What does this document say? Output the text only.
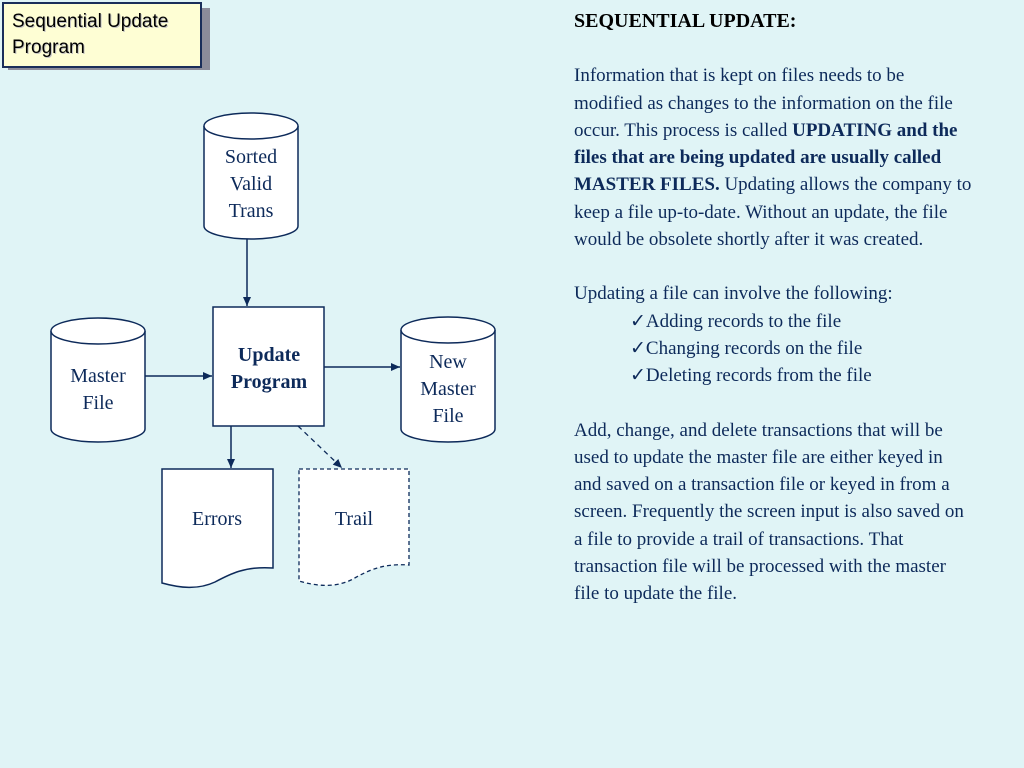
Sequential Update Program
Sorted
Valid
Trans
Master
File
Update
Program
New
Master
File
Errors	Trail

SEQUENTIAL UPDATE:

Information that is kept on files needs to be modified as changes to the information on the file occur. This process is called UPDATING and the files that are being updated are usually called MASTER FILES. Updating allows the company to keep a file up-to-date. Without an update, the file would be obsolete shortly after it was created.

Updating a file can involve the following:

✓Adding records to the file
✓Changing records on the file
✓Deleting records from the file

Add, change, and delete transactions that will be used to update the master file are either keyed in and saved on a transaction file or keyed in from a screen. Frequently the screen input is also saved on a file to provide a trail of transactions. That transaction file will be processed with the master file to update the file.
